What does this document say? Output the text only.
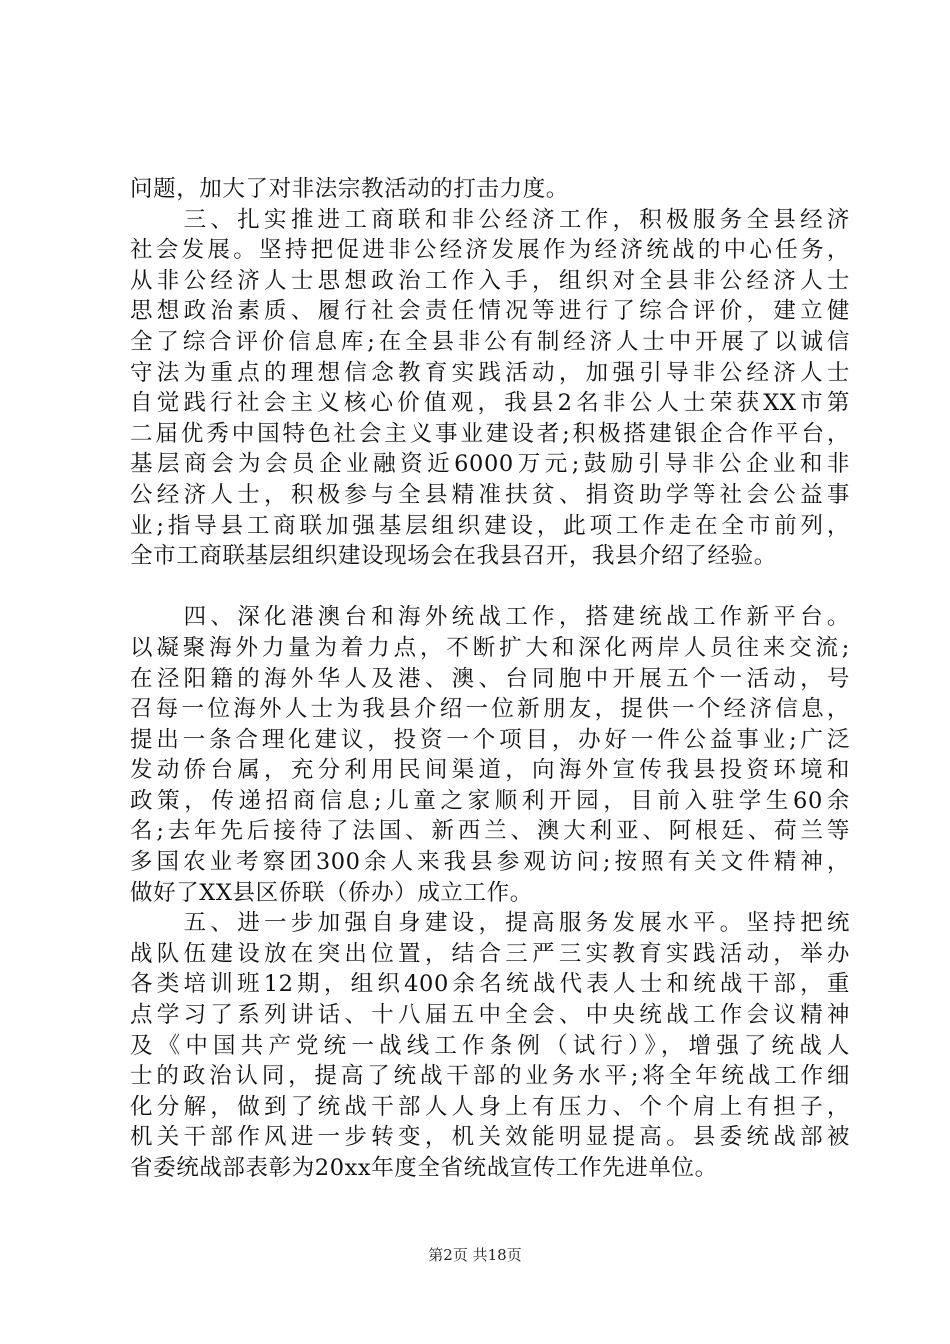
问题，加大了对非法宗教活动的打击力度。
　　三、扎实推进工商联和非公经济工作，积极服务全县经济
社会发展。坚持把促进非公经济发展作为经济统战的中心任务，
从非公经济人士思想政治工作入手，组织对全县非公经济人士
思想政治素质、履行社会责任情况等进行了综合评价，建立健
全了综合评价信息库;在全县非公有制经济人士中开展了以诚信
守法为重点的理想信念教育实践活动，加强引导非公经济人士
自觉践行社会主义核心价值观，我县2名非公人士荣获XX市第
二届优秀中国特色社会主义事业建设者;积极搭建银企合作平台，
基层商会为会员企业融资近6000万元;鼓励引导非公企业和非
公经济人士，积极参与全县精准扶贫、捐资助学等社会公益事
业;指导县工商联加强基层组织建设，此项工作走在全市前列，
全市工商联基层组织建设现场会在我县召开，我县介绍了经验。
　　四、深化港澳台和海外统战工作，搭建统战工作新平台。
以凝聚海外力量为着力点，不断扩大和深化两岸人员往来交流;
在泾阳籍的海外华人及港、澳、台同胞中开展五个一活动，号
召每一位海外人士为我县介绍一位新朋友，提供一个经济信息，
提出一条合理化建议，投资一个项目，办好一件公益事业;广泛
发动侨台属，充分利用民间渠道，向海外宣传我县投资环境和
政策，传递招商信息;儿童之家顺利开园，目前入驻学生60余
名;去年先后接待了法国、新西兰、澳大利亚、阿根廷、荷兰等
多国农业考察团300余人来我县参观访问;按照有关文件精神，
做好了XX县区侨联（侨办）成立工作。
　　五、进一步加强自身建设，提高服务发展水平。坚持把统
战队伍建设放在突出位置，结合三严三实教育实践活动，举办
各类培训班12期，组织400余名统战代表人士和统战干部，重
点学习了系列讲话、十八届五中全会、中央统战工作会议精神
及《中国共产党统一战线工作条例（试行）》，增强了统战人
士的政治认同，提高了统战干部的业务水平;将全年统战工作细
化分解，做到了统战干部人人身上有压力、个个肩上有担子，
机关干部作风进一步转变，机关效能明显提高。县委统战部被
省委统战部表彰为20xx年度全省统战宣传工作先进单位。
第2页 共18页
